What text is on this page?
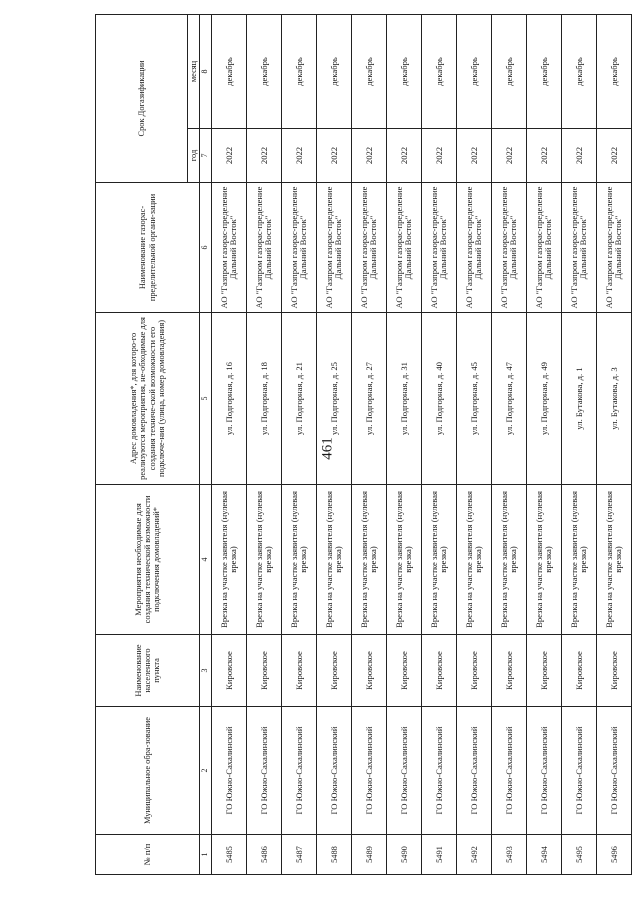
461
№ п/п	Муниципальное обра-зование	Наименование населенного пункта	Мероприятия необходимые для создания технической возможности подключения домовладений*	Адрес домовладения*, для которо-го реализуются мероприятия, не-обходимые для создания техниче-ской возможности его подключе-ния (улица, номер домовладения)	Наименование газорас-пределительной органи-зации	Срок Догазификации	
						год	месяц
1	2	3	4	5	6	7	8
5485	ГО Южно-Сахалинский	Кировское	Врезка на участке заявителя (нулевая врезка)	ул. Подгорная, д. 16	АО "Газпром газорас-пределение Дальний Восток"	2022	декабрь
5486	ГО Южно-Сахалинский	Кировское	Врезка на участке заявителя (нулевая врезка)	ул. Подгорная, д. 18	АО "Газпром газорас-пределение Дальний Восток"	2022	декабрь
5487	ГО Южно-Сахалинский	Кировское	Врезка на участке заявителя (нулевая врезка)	ул. Подгорная, д. 21	АО "Газпром газорас-пределение Дальний Восток"	2022	декабрь
5488	ГО Южно-Сахалинский	Кировское	Врезка на участке заявителя (нулевая врезка)	ул. Подгорная, д. 25	АО "Газпром газорас-пределение Дальний Восток"	2022	декабрь
5489	ГО Южно-Сахалинский	Кировское	Врезка на участке заявителя (нулевая врезка)	ул. Подгорная, д. 27	АО "Газпром газорас-пределение Дальний Восток"	2022	декабрь
5490	ГО Южно-Сахалинский	Кировское	Врезка на участке заявителя (нулевая врезка)	ул. Подгорная, д. 31	АО "Газпром газорас-пределение Дальний Восток"	2022	декабрь
5491	ГО Южно-Сахалинский	Кировское	Врезка на участке заявителя (нулевая врезка)	ул. Подгорная, д. 40	АО "Газпром газорас-пределение Дальний Восток"	2022	декабрь
5492	ГО Южно-Сахалинский	Кировское	Врезка на участке заявителя (нулевая врезка)	ул. Подгорная, д. 45	АО "Газпром газорас-пределение Дальний Восток"	2022	декабрь
5493	ГО Южно-Сахалинский	Кировское	Врезка на участке заявителя (нулевая врезка)	ул. Подгорная, д. 47	АО "Газпром газорас-пределение Дальний Восток"	2022	декабрь
5494	ГО Южно-Сахалинский	Кировское	Врезка на участке заявителя (нулевая врезка)	ул. Подгорная, д. 49	АО "Газпром газорас-пределение Дальний Восток"	2022	декабрь
5495	ГО Южно-Сахалинский	Кировское	Врезка на участке заявителя (нулевая врезка)	ул. Бутакова, д. 1	АО "Газпром газорас-пределение Дальний Восток"	2022	декабрь
5496	ГО Южно-Сахалинский	Кировское	Врезка на участке заявителя (нулевая врезка)	ул. Бутакова, д. 3	АО "Газпром газорас-пределение Дальний Восток"	2022	декабрь
